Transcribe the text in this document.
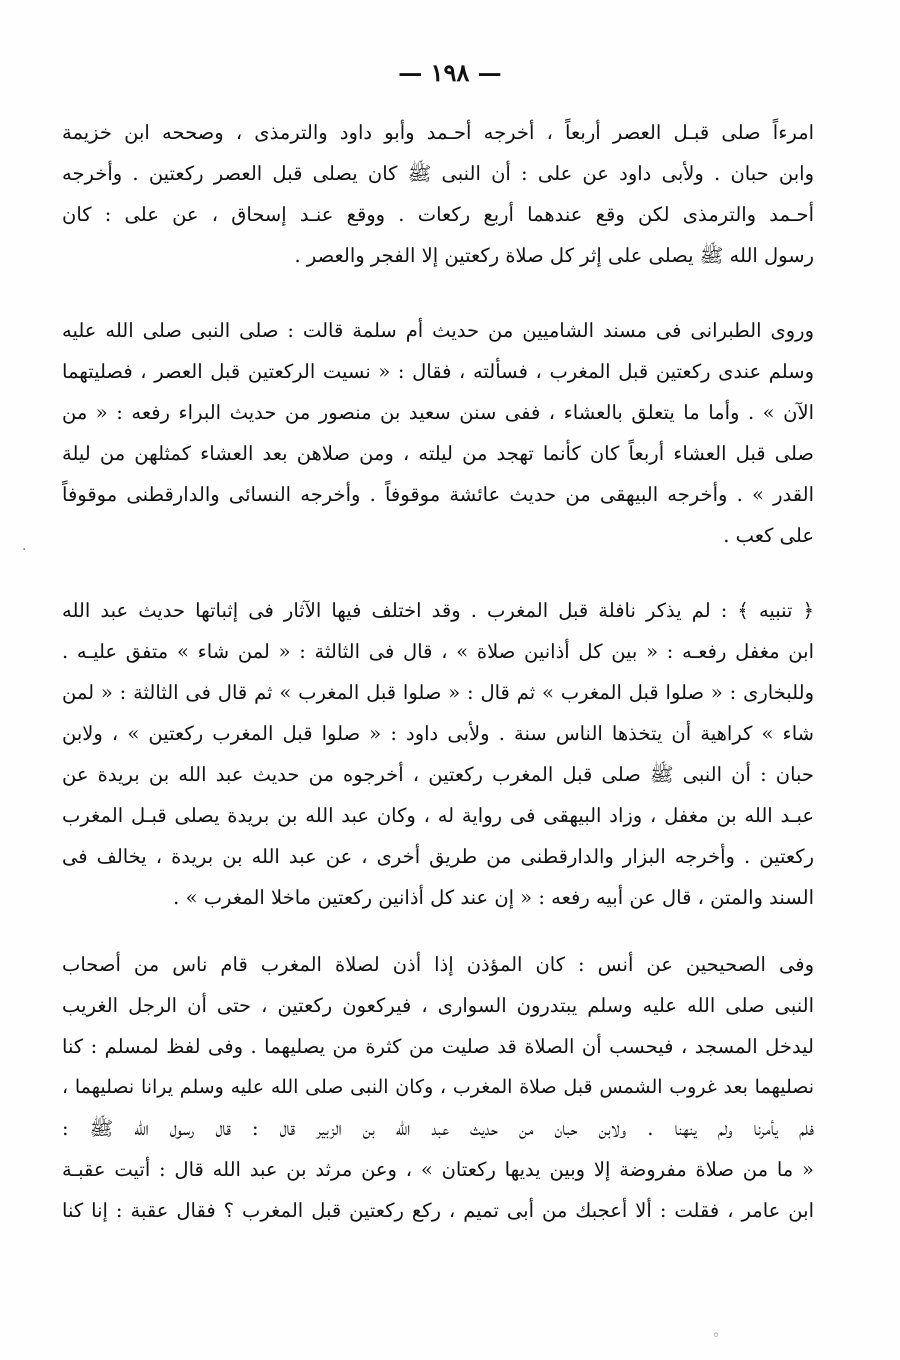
— ١٩٨ —
امرءاً صلى قبـل العصر أربعاً ، أخرجه أحـمد وأبو داود والترمذى ، وصححه ابن خزيمة
وابن حبان . ولأبى داود عن على : أن النبى ﷺ كان يصلى قبل العصر ركعتين . وأخرجه
أحـمد والترمذى لكن وقع عندهما أربع ركعات . ووقع عنـد إسحاق ، عن على : كان
رسول الله ﷺ يصلى على إثر كل صلاة ركعتين إلا الفجر والعصر .
وروى الطبرانى فى مسند الشاميين من حديث أم سلمة قالت : صلى النبى صلى الله عليه
وسلم عندى ركعتين قبل المغرب ، فسألته ، فقال : « نسيت الركعتين قبل العصر ، فصليتهما
الآن » . وأما ما يتعلق بالعشاء ، ففى سنن سعيد بن منصور من حديث البراء رفعه : « من
صلى قبل العشاء أربعاً كان كأنما تهجد من ليلته ، ومن صلاهن بعد العشاء كمثلهن من ليلة
القدر » . وأخرجه البيهقى من حديث عائشة موقوفاً . وأخرجه النسائى والدارقطنى موقوفاً
على كعب .
﴿ تنبيه ﴾ : لم يذكر نافلة قبل المغرب . وقد اختلف فيها الآثار فى إثباتها حديث عبد الله
ابن مغفل رفعـه : « بين كل أذانين صلاة » ، قال فى الثالثة : « لمن شاء » متفق عليـه .
وللبخارى : « صلوا قبل المغرب » ثم قال : « صلوا قبل المغرب » ثم قال فى الثالثة : « لمن
شاء » كراهية أن يتخذها الناس سنة . ولأبى داود : « صلوا قبل المغرب ركعتين » ، ولابن
حبان : أن النبى ﷺ صلى قبل المغرب ركعتين ، أخرجوه من حديث عبد الله بن بريدة عن
عبـد الله بن مغفل ، وزاد البيهقى فى رواية له ، وكان عبد الله بن بريدة يصلى قبـل المغرب
ركعتين . وأخرجه البزار والدارقطنى من طريق أخرى ، عن عبد الله بن بريدة ، يخالف فى
السند والمتن ، قال عن أبيه رفعه : « إن عند كل أذانين ركعتين ماخلا المغرب » .
وفى الصحيحين عن أنس : كان المؤذن إذا أذن لصلاة المغرب قام ناس من أصحاب
النبى صلى الله عليه وسلم يبتدرون السوارى ، فيركعون ركعتين ، حتى أن الرجل الغريب
ليدخل المسجد ، فيحسب أن الصلاة قد صليت من كثرة من يصليهما . وفى لفظ لمسلم : كنا
نصليهما بعد غروب الشمس قبل صلاة المغرب ، وكان النبى صلى الله عليه وسلم يرانا نصليهما ،
فلم يأمرنا ولم ينهنا . ولابن حبان من حديث عبد الله بن الزبير قال : قال رسول الله ﷺ :
« ما من صلاة مفروضة إلا وبين يديها ركعتان » ، وعن مرثد بن عبد الله قال : أتيت عقبـة
ابن عامر ، فقلت : ألا أعجبك من أبى تميم ، ركع ركعتين قبل المغرب ؟ فقال عقبة : إنا كنا
·
◦
